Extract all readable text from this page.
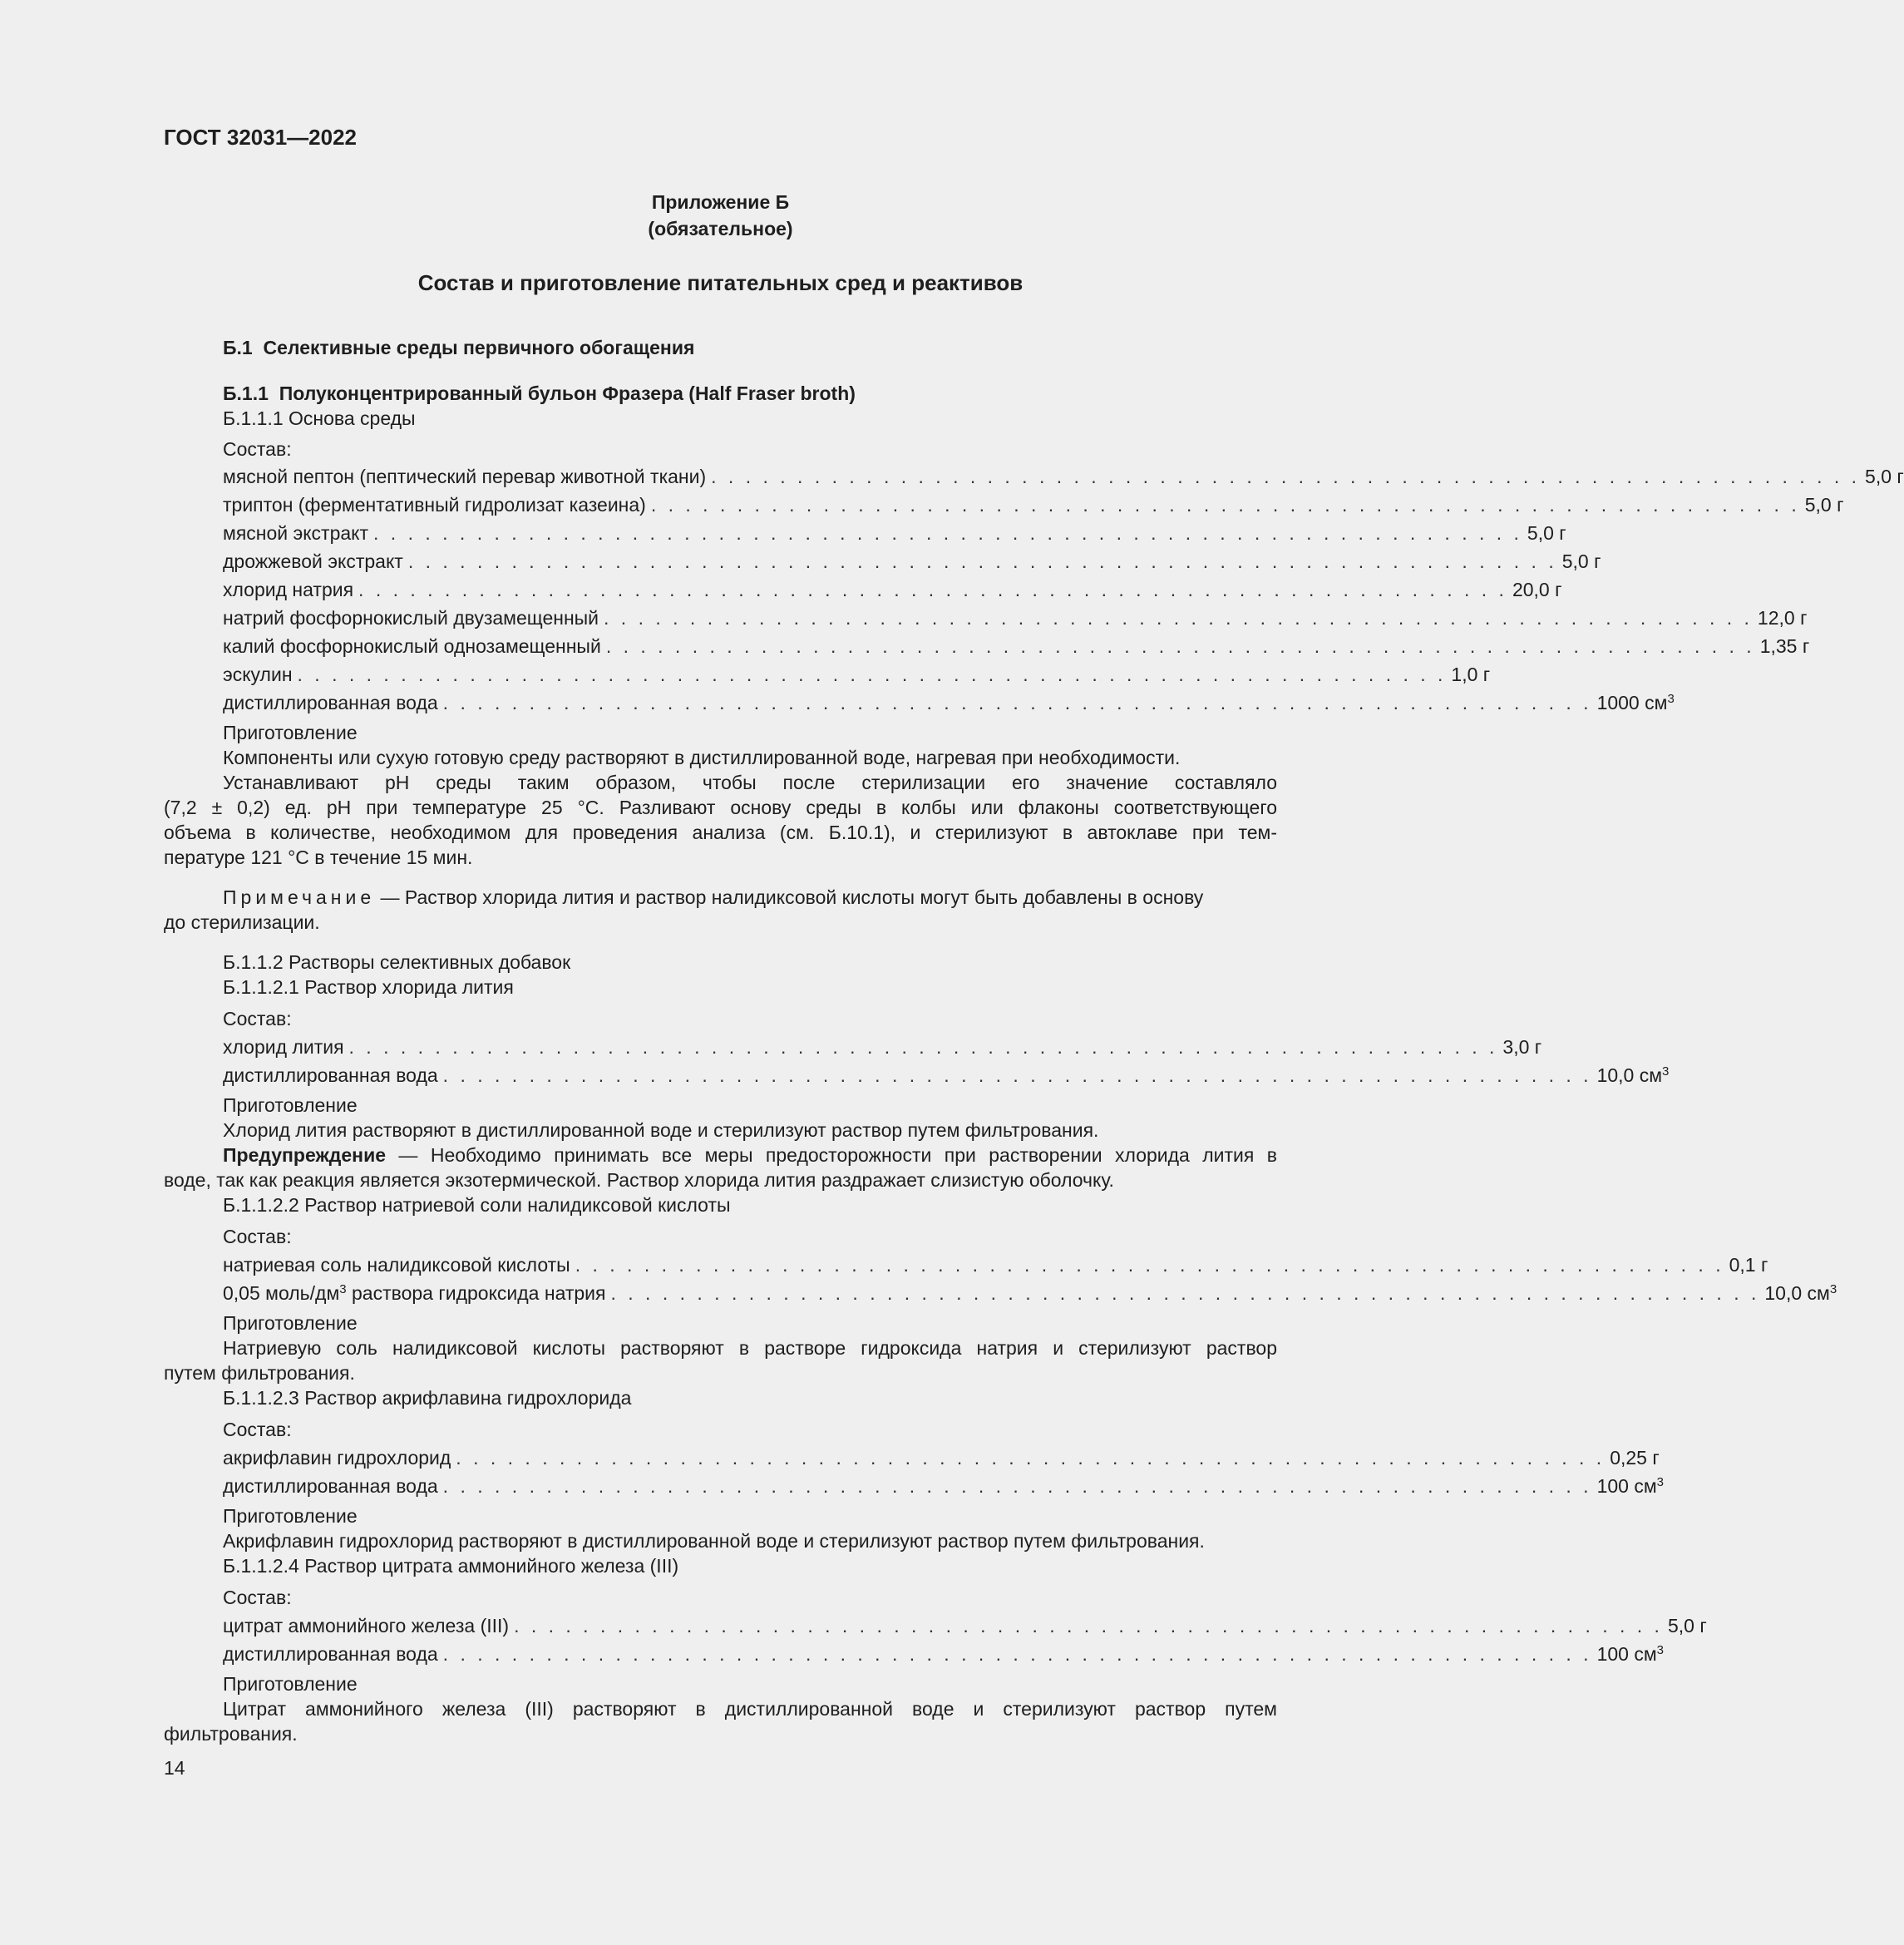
ГОСТ 32031—2022
Приложение Б
(обязательное)
Состав и приготовление питательных сред и реактивов
Б.1 Селективные среды первичного обогащения
Б.1.1 Полуконцентрированный бульон Фразера (Half Fraser broth)
Б.1.1.1 Основа среды
Состав:
мясной пептон (пептический перевар животной ткани) . . . . . . . . . . . . . . . . . . . . . . . . . . . . . . . . . . . . . . . . . . . . . . . . . . . . . . . . . . . . . . . . . . . 5,0 г
триптон (ферментативный гидролизат казеина) . . . . . . . . . . . . . . . . . . . . . . . . . . . . . . . . . . . . . . . . . . . . . . . . . . . . . . . . . . . . . . . . . . . 5,0 г
мясной экстракт . . . . . . . . . . . . . . . . . . . . . . . . . . . . . . . . . . . . . . . . . . . . . . . . . . . . . . . . . . . . . . . . . . . 5,0 г
дрожжевой экстракт . . . . . . . . . . . . . . . . . . . . . . . . . . . . . . . . . . . . . . . . . . . . . . . . . . . . . . . . . . . . . . . . . . . 5,0 г
хлорид натрия . . . . . . . . . . . . . . . . . . . . . . . . . . . . . . . . . . . . . . . . . . . . . . . . . . . . . . . . . . . . . . . . . . . 20,0 г
натрий фосфорнокислый двузамещенный . . . . . . . . . . . . . . . . . . . . . . . . . . . . . . . . . . . . . . . . . . . . . . . . . . . . . . . . . . . . . . . . . . . 12,0 г
калий фосфорнокислый однозамещенный . . . . . . . . . . . . . . . . . . . . . . . . . . . . . . . . . . . . . . . . . . . . . . . . . . . . . . . . . . . . . . . . . . . 1,35 г
эскулин . . . . . . . . . . . . . . . . . . . . . . . . . . . . . . . . . . . . . . . . . . . . . . . . . . . . . . . . . . . . . . . . . . . 1,0 г
дистиллированная вода . . . . . . . . . . . . . . . . . . . . . . . . . . . . . . . . . . . . . . . . . . . . . . . . . . . . . . . . . . . . . . . . . . . 1000 $см^3$
Приготовление
Компоненты или сухую готовую среду растворяют в дистиллированной воде, нагревая при необходимости.
Устанавливают pH среды таким образом, чтобы после стерилизации его значение составляло
(7,2 ± 0,2) ед. pH при температуре 25 °С. Разливают основу среды в колбы или флаконы соответствующего
объема в количестве, необходимом для проведения анализа (см. Б.10.1), и стерилизуют в автоклаве при тем-
пературе 121 °С в течение 15 мин.
Примечание — Раствор хлорида лития и раствор налидиксовой кислоты могут быть добавлены в основу
до стерилизации.
Б.1.1.2 Растворы селективных добавок
Б.1.1.2.1 Раствор хлорида лития
Состав:
хлорид лития . . . . . . . . . . . . . . . . . . . . . . . . . . . . . . . . . . . . . . . . . . . . . . . . . . . . . . . . . . . . . . . . . . . 3,0 г
дистиллированная вода . . . . . . . . . . . . . . . . . . . . . . . . . . . . . . . . . . . . . . . . . . . . . . . . . . . . . . . . . . . . . . . . . . . 10,0 $см^3$
Приготовление
Хлорид лития растворяют в дистиллированной воде и стерилизуют раствор путем фильтрования.
Предупреждение — Необходимо принимать все меры предосторожности при растворении хлорида лития в
воде, так как реакция является экзотермической. Раствор хлорида лития раздражает слизистую оболочку.
Б.1.1.2.2 Раствор натриевой соли налидиксовой кислоты
Состав:
натриевая соль налидиксовой кислоты . . . . . . . . . . . . . . . . . . . . . . . . . . . . . . . . . . . . . . . . . . . . . . . . . . . . . . . . . . . . . . . . . . . 0,1 г
0,05 моль/$дм^3$ раствора гидроксида натрия . . . . . . . . . . . . . . . . . . . . . . . . . . . . . . . . . . . . . . . . . . . . . . . . . . . . . . . . . . . . . . . . . . . 10,0 $см^3$
Приготовление
Натриевую соль налидиксовой кислоты растворяют в растворе гидроксида натрия и стерилизуют раствор
путем фильтрования.
Б.1.1.2.3 Раствор акрифлавина гидрохлорида
Состав:
акрифлавин гидрохлорид . . . . . . . . . . . . . . . . . . . . . . . . . . . . . . . . . . . . . . . . . . . . . . . . . . . . . . . . . . . . . . . . . . . 0,25 г
дистиллированная вода . . . . . . . . . . . . . . . . . . . . . . . . . . . . . . . . . . . . . . . . . . . . . . . . . . . . . . . . . . . . . . . . . . . 100 $см^3$
Приготовление
Акрифлавин гидрохлорид растворяют в дистиллированной воде и стерилизуют раствор путем фильтрования.
Б.1.1.2.4 Раствор цитрата аммонийного железа (III)
Состав:
цитрат аммонийного железа (III) . . . . . . . . . . . . . . . . . . . . . . . . . . . . . . . . . . . . . . . . . . . . . . . . . . . . . . . . . . . . . . . . . . . 5,0 г
дистиллированная вода . . . . . . . . . . . . . . . . . . . . . . . . . . . . . . . . . . . . . . . . . . . . . . . . . . . . . . . . . . . . . . . . . . . 100 $см^3$
Приготовление
Цитрат аммонийного железа (III) растворяют в дистиллированной воде и стерилизуют раствор путем
фильтрования.
14
